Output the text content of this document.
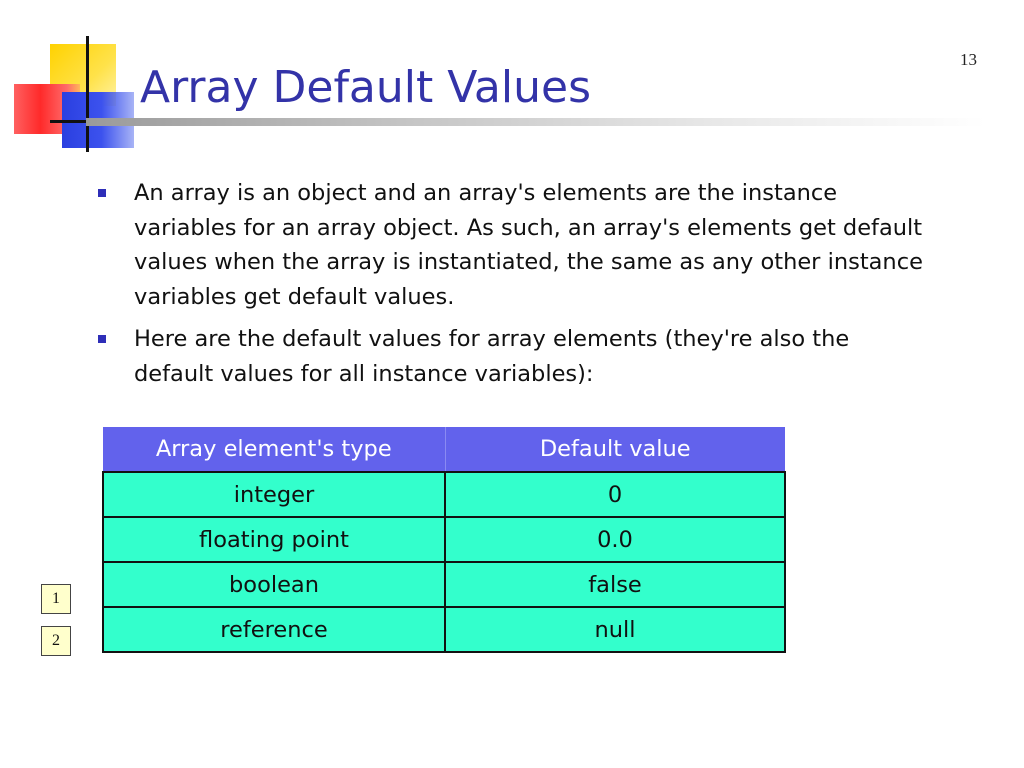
Array Default Values
13
An array is an object and an array's elements are the instance variables for an array object. As such, an array's elements get default values when the array is instantiated, the same as any other instance variables get default values.
Here are the default values for array elements (they're also the default values for all instance variables):
Array element's type	Default value
integer	0
floating point	0.0
boolean	false
reference	null
1
2
